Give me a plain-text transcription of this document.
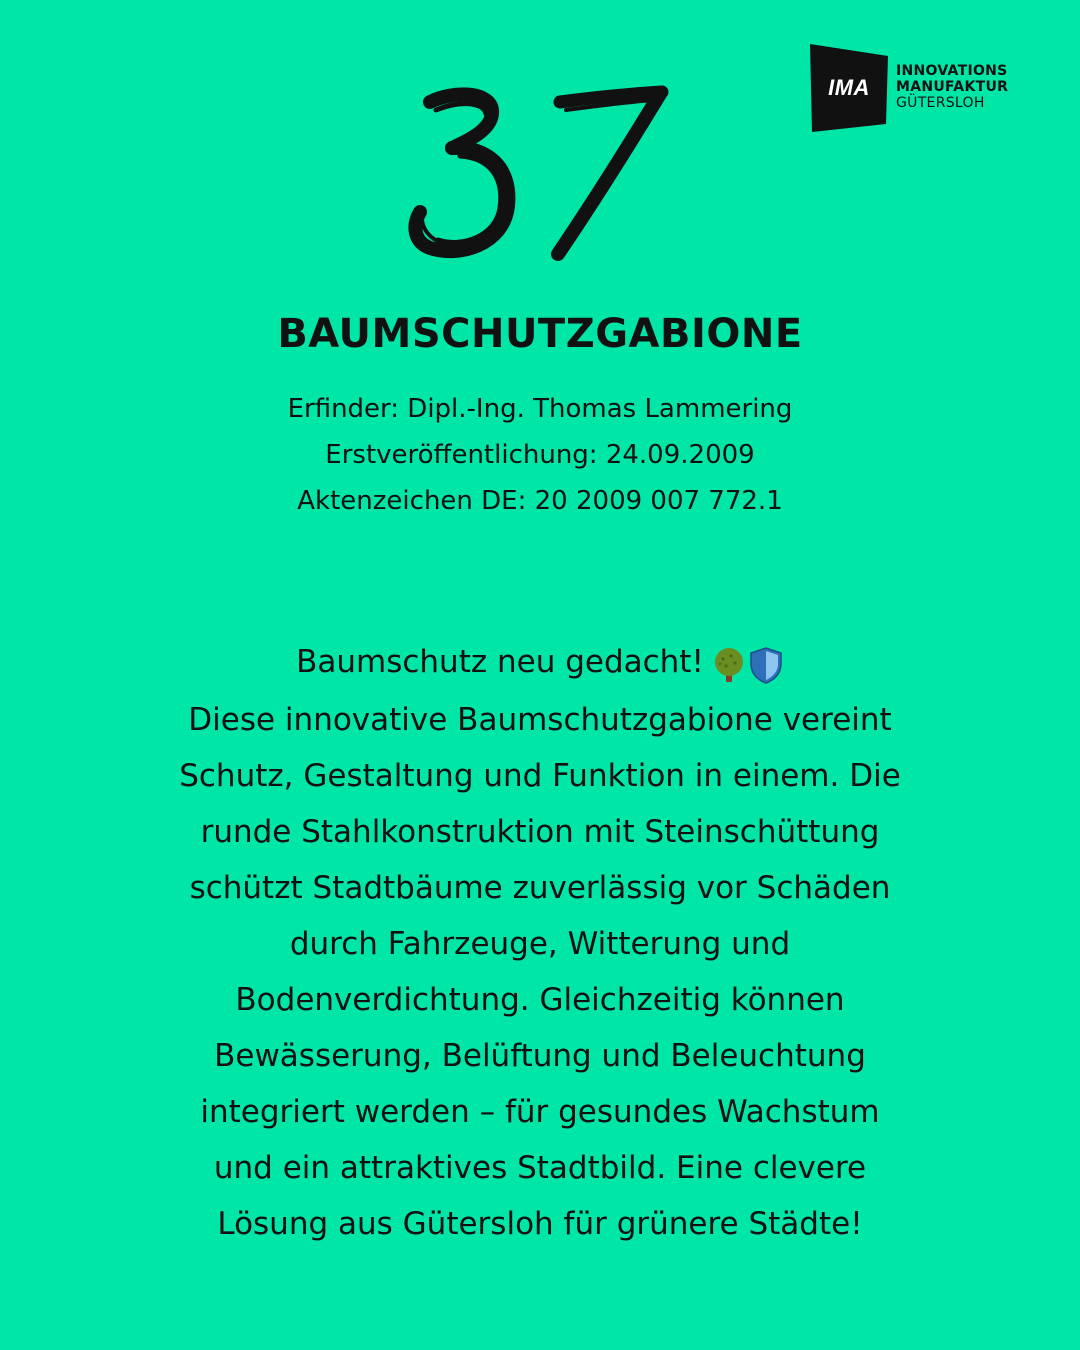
IMA
INNOVATIONS
MANUFAKTUR
GÜTERSLOH
BAUMSCHUTZGABIONE
Erfinder: Dipl.-Ing. Thomas Lammering
Erstveröffentlichung: 24.09.2009
Aktenzeichen DE: 20 2009 007 772.1
Baumschutz neu gedacht!
Diese innovative Baumschutzgabione vereint
Schutz, Gestaltung und Funktion in einem. Die
runde Stahlkonstruktion mit Steinschüttung
schützt Stadtbäume zuverlässig vor Schäden
durch Fahrzeuge, Witterung und
Bodenverdichtung. Gleichzeitig können
Bewässerung, Belüftung und Beleuchtung
integriert werden – für gesundes Wachstum
und ein attraktives Stadtbild. Eine clevere
Lösung aus Gütersloh für grünere Städte!
